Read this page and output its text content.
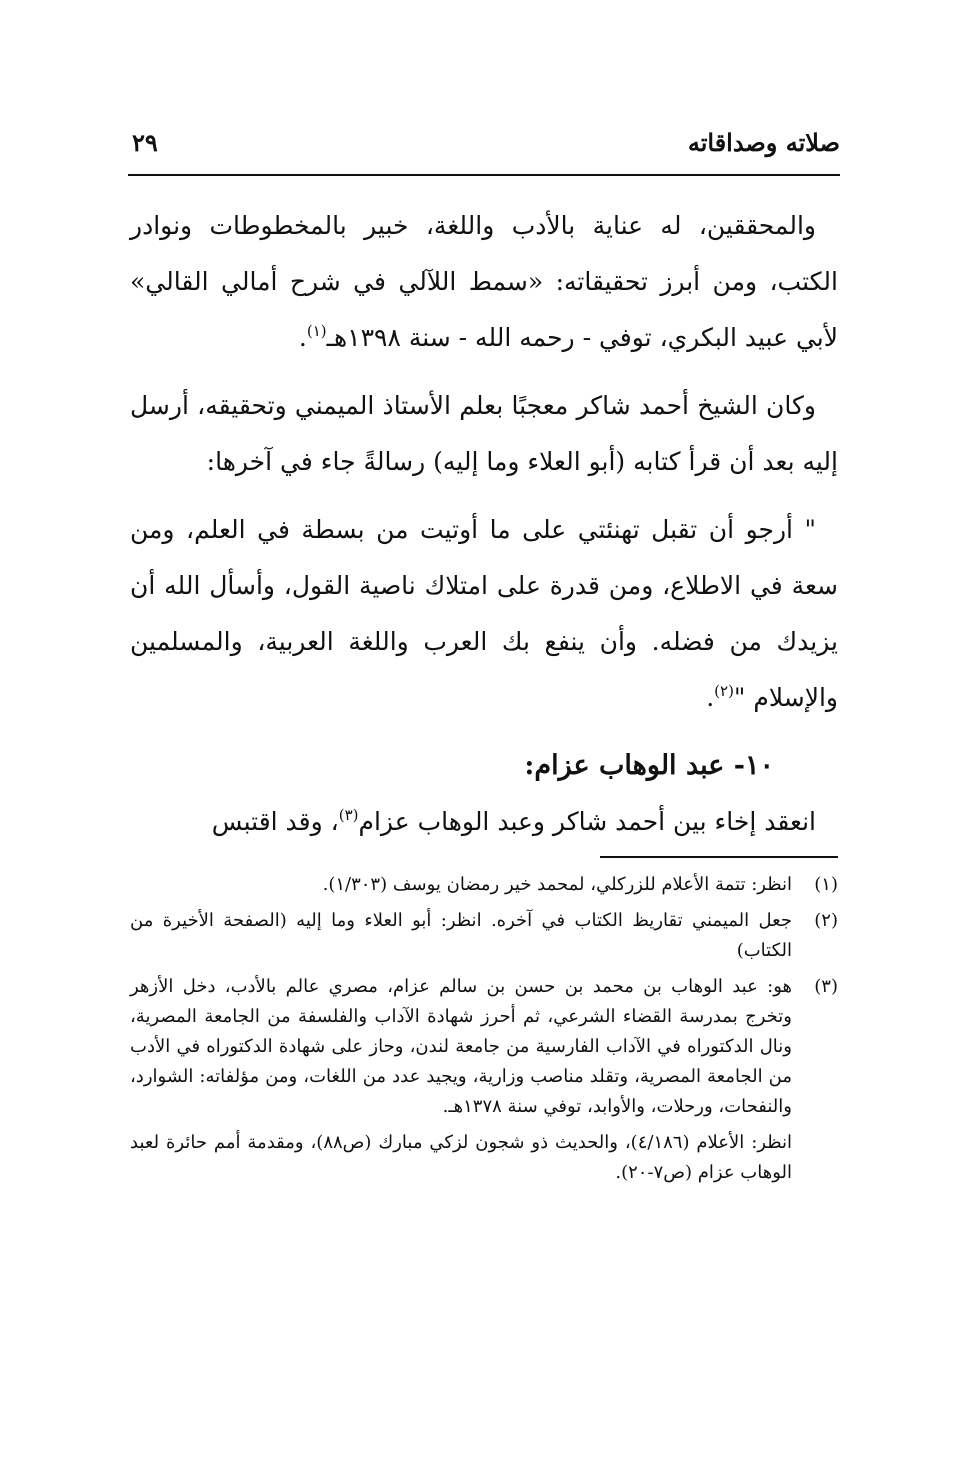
صلاته وصداقاته
٢٩

والمحققين، له عناية بالأدب واللغة، خبير بالمخطوطات ونوادر الكتب، ومن أبرز تحقيقاته: «سمط اللآلي في شرح أمالي القالي» لأبي عبيد البكري، توفي - رحمه الله - سنة ١٣٩٨هـ$^{(١)}$.

وكان الشيخ أحمد شاكر معجبًا بعلم الأستاذ الميمني وتحقيقه، أرسل إليه بعد أن قرأ كتابه (أبو العلاء وما إليه) رسالةً جاء في آخرها:

" أرجو أن تقبل تهنئتي على ما أوتيت من بسطة في العلم، ومن سعة في الاطلاع، ومن قدرة على امتلاك ناصية القول، وأسأل الله أن يزيدك من فضله. وأن ينفع بك العرب واللغة العربية، والمسلمين والإسلام "$^{(٢)}$.

١٠- عبد الوهاب عزام:

انعقد إخاء بين أحمد شاكر وعبد الوهاب عزام$^{(٣)}$، وقد اقتبس

(١)
انظر: تتمة الأعلام للزركلي، لمحمد خير رمضان يوسف (١/٣٠٣).
(٢)
جعل الميمني تقاريظ الكتاب في آخره. انظر: أبو العلاء وما إليه (الصفحة الأخيرة من الكتاب)
(٣)
هو: عبد الوهاب بن محمد بن حسن بن سالم عزام، مصري عالم بالأدب، دخل الأزهر وتخرج بمدرسة القضاء الشرعي، ثم أحرز شهادة الآداب والفلسفة من الجامعة المصرية، ونال الدكتوراه في الآداب الفارسية من جامعة لندن، وحاز على شهادة الدكتوراه في الأدب من الجامعة المصرية، وتقلد مناصب وزارية، ويجيد عدد من اللغات، ومن مؤلفاته: الشوارد، والنفحات، ورحلات، والأوابد، توفي سنة ١٣٧٨هـ.
انظر: الأعلام (٤/١٨٦)، والحديث ذو شجون لزكي مبارك (ص٨٨)، ومقدمة أمم حائرة لعبد الوهاب عزام (ص٧-٢٠).
